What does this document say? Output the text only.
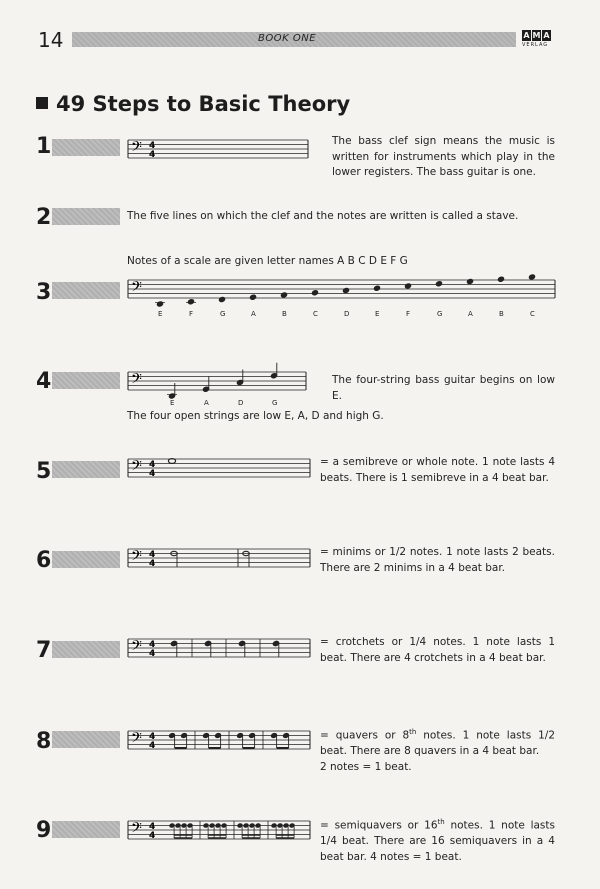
14	BOOK ONE	A M A
VERLAG
49 Steps to Basic Theory
1	𝄢 4
4
The bass clef sign means the music is written for instruments which play in the lower registers. The bass guitar is one.
2	The five lines on which the clef and the notes are written is called a stave.
Notes of a scale are given letter names A B C D E F G
3	𝄢
E	F	G	A	B	C	D	E	F	G	A	B	C
4	𝄢
E	A	D	G
The four-string bass guitar begins on low E.
The four open strings are low E, A, D and high G.
5	𝄢 4
4
= a semibreve or whole note. 1 note lasts 4 beats. There is 1 semibreve in a 4 beat bar.
6	𝄢 4
4
= minims or 1/2 notes. 1 note lasts 2 beats. There are 2 minims in a 4 beat bar.
7	𝄢 4
4
= crotchets or 1/4 notes. 1 note lasts 1 beat. There are 4 crotchets in a 4 beat bar.
8	𝄢 4
4
= quavers or 8th notes. 1 note lasts 1/2 beat. There are 8 quavers in a 4 beat bar.
2 notes = 1 beat.
9	𝄢 4
4
= semiquavers or 16th notes. 1 note lasts 1/4 beat. There are 16 semiquavers in a 4 beat bar. 4 notes = 1 beat.
